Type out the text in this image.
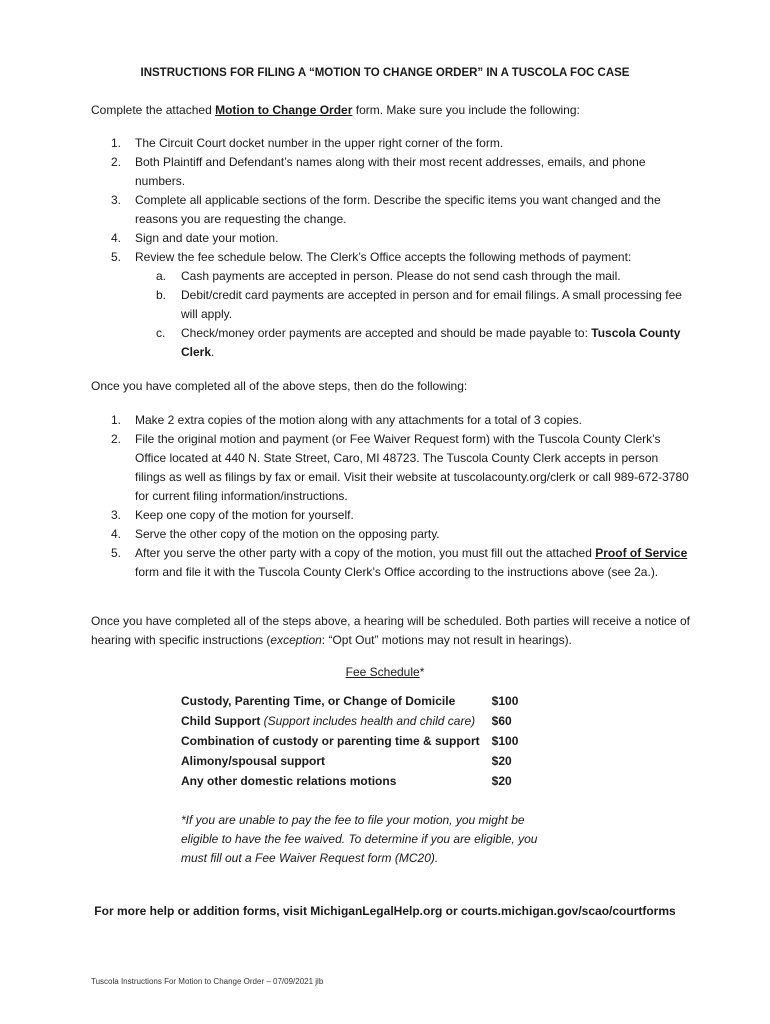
INSTRUCTIONS FOR FILING A “MOTION TO CHANGE ORDER” IN A TUSCOLA FOC CASE
Complete the attached Motion to Change Order form. Make sure you include the following:
1. The Circuit Court docket number in the upper right corner of the form.
2. Both Plaintiff and Defendant’s names along with their most recent addresses, emails, and phone numbers.
3. Complete all applicable sections of the form. Describe the specific items you want changed and the reasons you are requesting the change.
4. Sign and date your motion.
5. Review the fee schedule below. The Clerk’s Office accepts the following methods of payment:
a. Cash payments are accepted in person. Please do not send cash through the mail.
b. Debit/credit card payments are accepted in person and for email filings. A small processing fee will apply.
c. Check/money order payments are accepted and should be made payable to: Tuscola County Clerk.
Once you have completed all of the above steps, then do the following:
1. Make 2 extra copies of the motion along with any attachments for a total of 3 copies.
2. File the original motion and payment (or Fee Waiver Request form) with the Tuscola County Clerk’s Office located at 440 N. State Street, Caro, MI 48723. The Tuscola County Clerk accepts in person filings as well as filings by fax or email. Visit their website at tuscolacounty.org/clerk or call 989-672-3780 for current filing information/instructions.
3. Keep one copy of the motion for yourself.
4. Serve the other copy of the motion on the opposing party.
5. After you serve the other party with a copy of the motion, you must fill out the attached Proof of Service form and file it with the Tuscola County Clerk’s Office according to the instructions above (see 2a.).
Once you have completed all of the steps above, a hearing will be scheduled. Both parties will receive a notice of hearing with specific instructions (exception: “Opt Out” motions may not result in hearings).
Fee Schedule*
Custody, Parenting Time, or Change of Domicile		$100
Child Support (Support includes health and child care)		$60
Combination of custody or parenting time & support		$100
Alimony/spousal support		$20
Any other domestic relations motions		$20
*If you are unable to pay the fee to file your motion, you might be eligible to have the fee waived. To determine if you are eligible, you must fill out a Fee Waiver Request form (MC20).
For more help or addition forms, visit MichiganLegalHelp.org or courts.michigan.gov/scao/courtforms
Tuscola Instructions For Motion to Change Order – 07/09/2021 jlb
